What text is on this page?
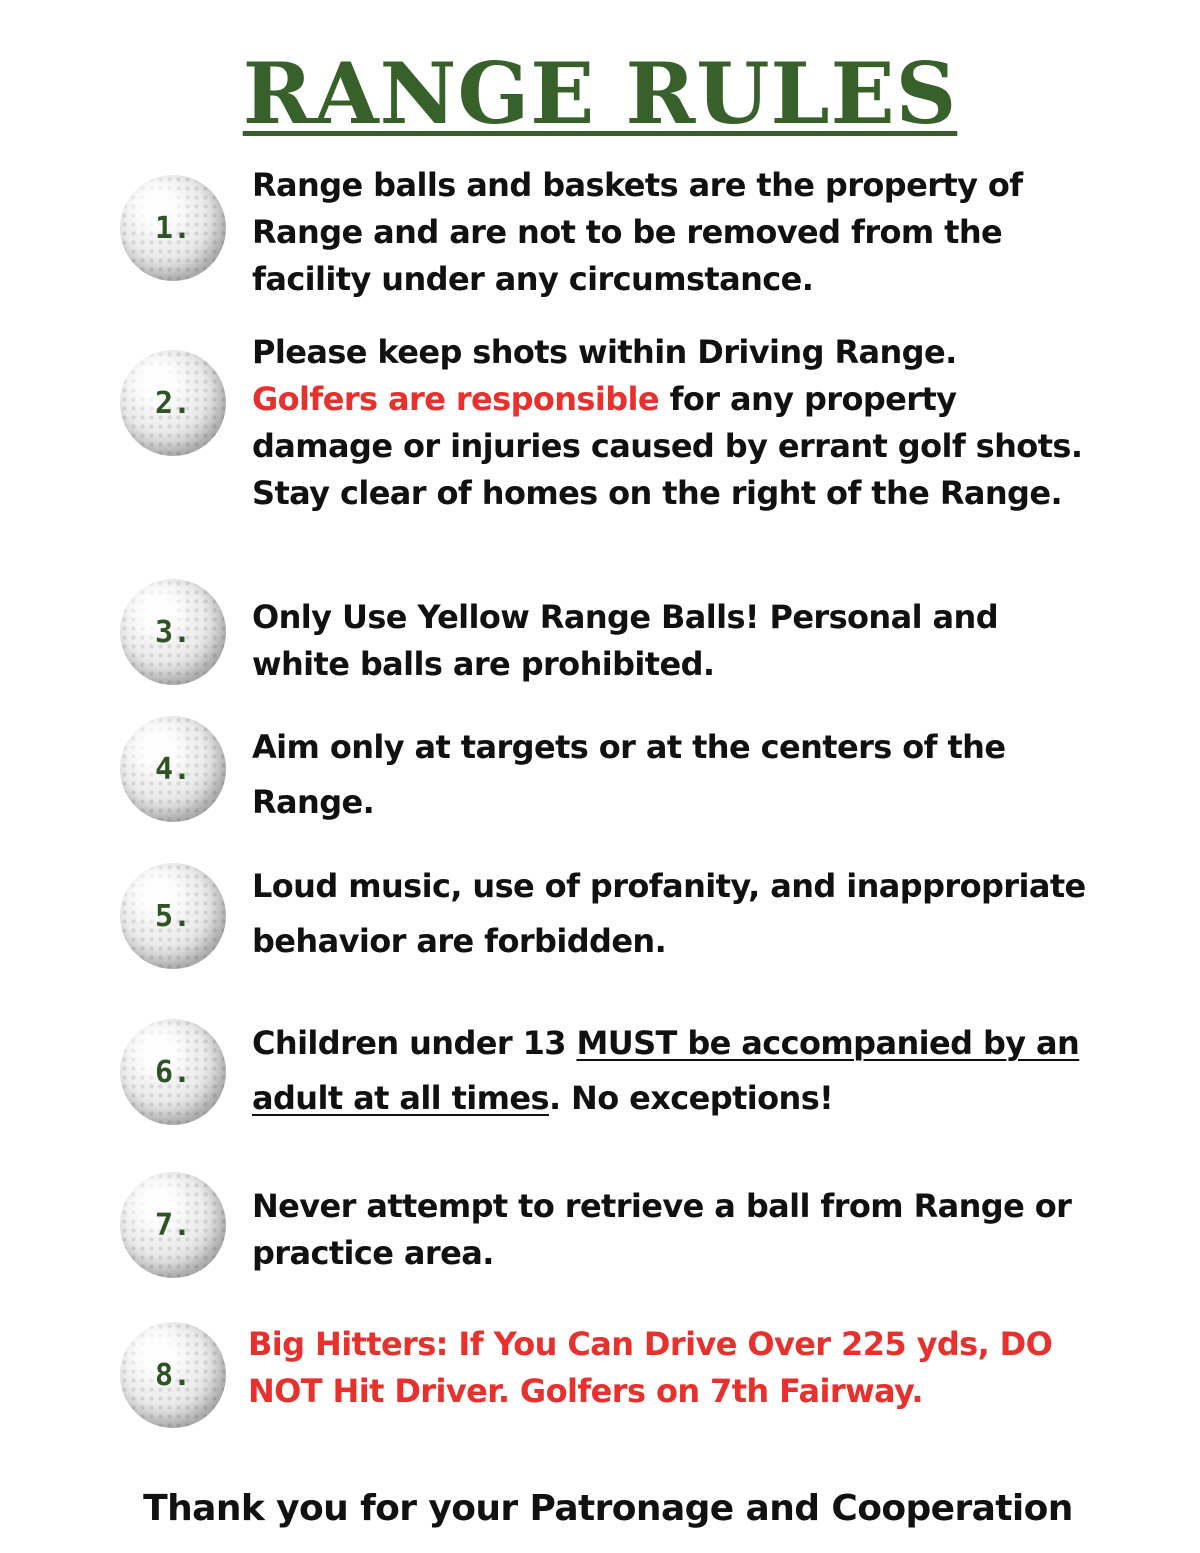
RANGE RULES
1.
Range balls and baskets are the property of Range and are not to be removed from the facility under any circumstance.
2.
Please keep shots within Driving Range. Golfers are responsible for any property damage or injuries caused by errant golf shots. Stay clear of homes on the right of the Range.
3.	Only Use Yellow Range Balls! Personal and white balls are prohibited.
4.
Aim only at targets or at the centers of the Range.
5.
Loud music, use of profanity, and inappropriate behavior are forbidden.
6.
Children under 13 MUST be accompanied by an adult at all times. No exceptions!
7.	Never attempt to retrieve a ball from Range or practice area.
8.
Big Hitters: If You Can Drive Over 225 yds, DO NOT Hit Driver. Golfers on 7th Fairway.
Thank you for your Patronage and Cooperation
